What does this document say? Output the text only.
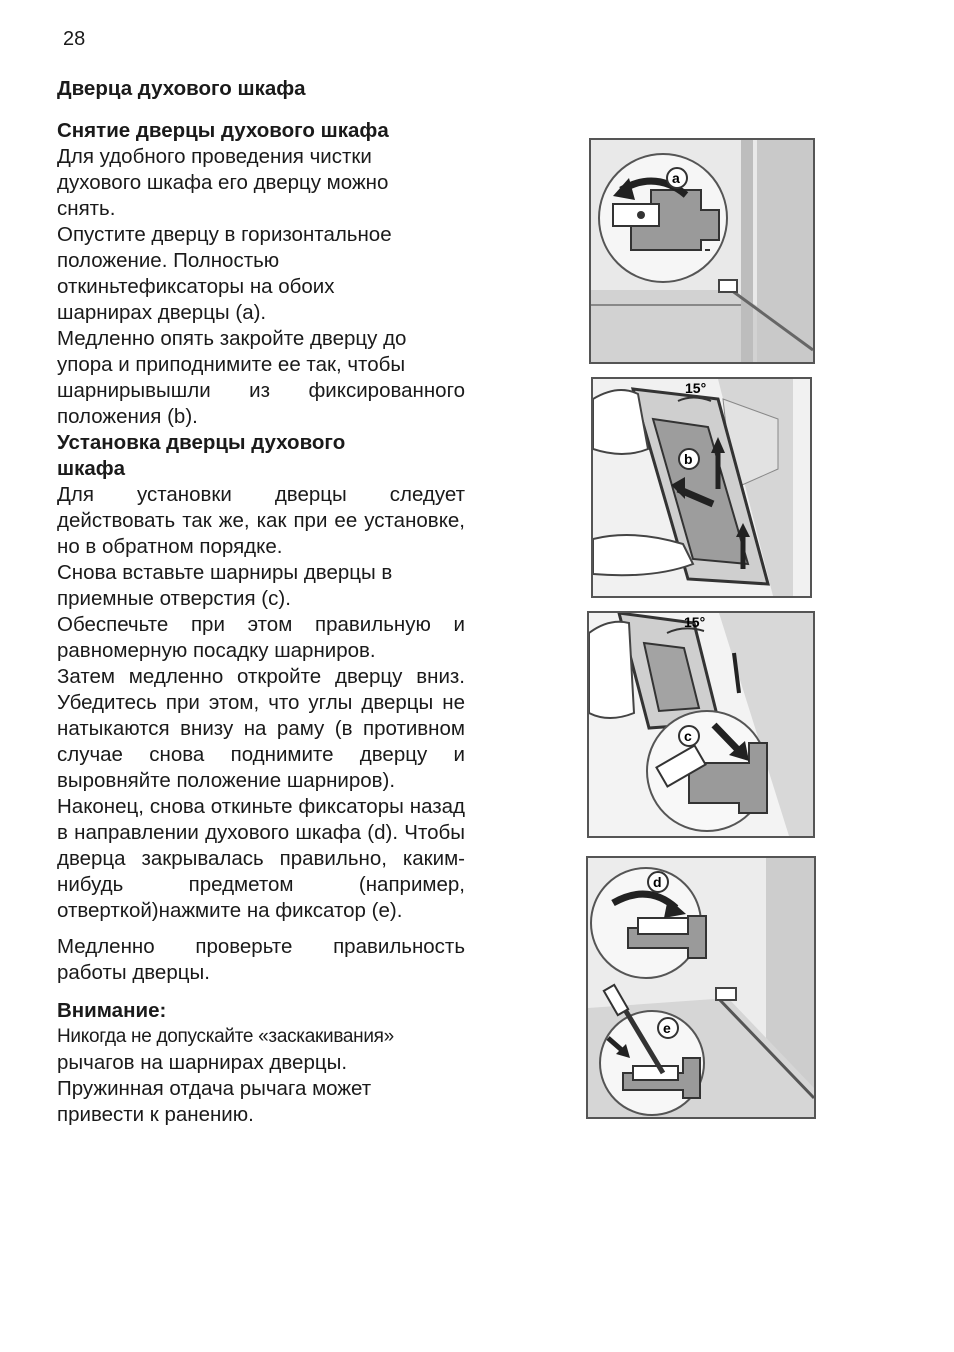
28

Дверца духового шкафа

Снятие дверцы духового шкафа

Для удобного проведения чистки

духового шкафа его дверцу можно

снять.

Опустите дверцу в горизонтальное

положение. Полностью

откиньтефиксаторы на обоих

шарнирах дверцы (a).

Медленно опять закройте дверцу до

упора и приподнимите ее так, чтобы

шарнирывышли из фиксированного

положения (b).

Установка дверцы духового

шкафа

Для установки дверцы следует действовать так же, как при ее установке, но в обратном порядке.

Снова вставьте шарниры дверцы в приемные отверстия (c).

Обеспечьте при этом правильную и равномерную посадку шарниров.

Затем медленно откройте дверцу вниз. Убедитесь при этом, что углы дверцы не натыкаются внизу на раму (в противном случае снова поднимите дверцу и выровняйте положение шарниров).

Наконец, снова откиньте фиксаторы назад в направлении духового шкафа (d). Чтобы дверца закрывалась правильно, каким-нибудь предметом (например, отверткой)нажмите на фиксатор (e).

Медленно проверьте правильность работы дверцы.

Внимание:

Никогда не допускайте «заскакивания»

рычагов на шарнирах дверцы. Пружинная отдача рычага может привести к ранению.

a
15°
b
15°
c
d
e
